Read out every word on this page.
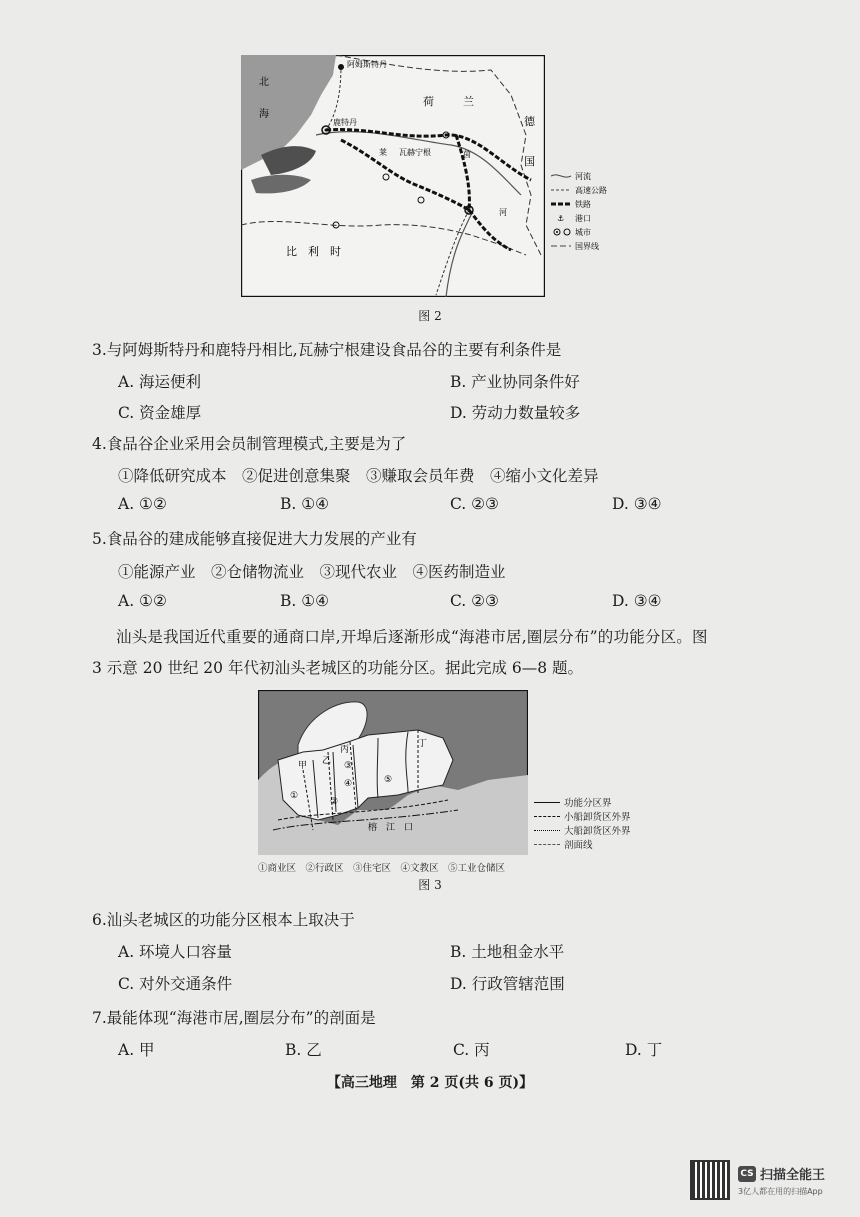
阿姆斯特丹
鹿特丹
瓦赫宁根
北
海
荷	兰
德
国
比　利　时
莱	茵
河
河流
高速公路
铁路
⚓ 港口
城市
国界线
图 2
3.与阿姆斯特丹和鹿特丹相比,瓦赫宁根建设食品谷的主要有利条件是
A. 海运便利	B. 产业协同条件好
C. 资金雄厚	D. 劳动力数量较多
4.食品谷企业采用会员制管理模式,主要是为了
①降低研究成本　②促进创意集聚　③赚取会员年费　④缩小文化差异
A. ①②	B. ①④	C. ②③	D. ③④
5.食品谷的建成能够直接促进大力发展的产业有
①能源产业　②仓储物流业　③现代农业　④医药制造业
A. ①②	B. ①④	C. ②③	D. ③④
汕头是我国近代重要的通商口岸,开埠后逐渐形成“海港市居,圈层分布”的功能分区。图
3 示意 20 世纪 20 年代初汕头老城区的功能分区。据此完成 6—8 题。
甲 乙
丙
丁
①
②
③
④	⑤
榕　江　口
功能分区界
小船卸货区外界
大船卸货区外界
剖面线
①商业区　②行政区　③住宅区　④文教区　⑤工业仓储区
图 3
6.汕头老城区的功能分区根本上取决于
A. 环境人口容量	B. 土地租金水平
C. 对外交通条件	D. 行政管辖范围
7.最能体现“海港市居,圈层分布”的剖面是
A. 甲	B. 乙	C. 丙	D. 丁
【高三地理　第 2 页(共 6 页)】
CS 扫描全能王
3亿人都在用的扫描App
